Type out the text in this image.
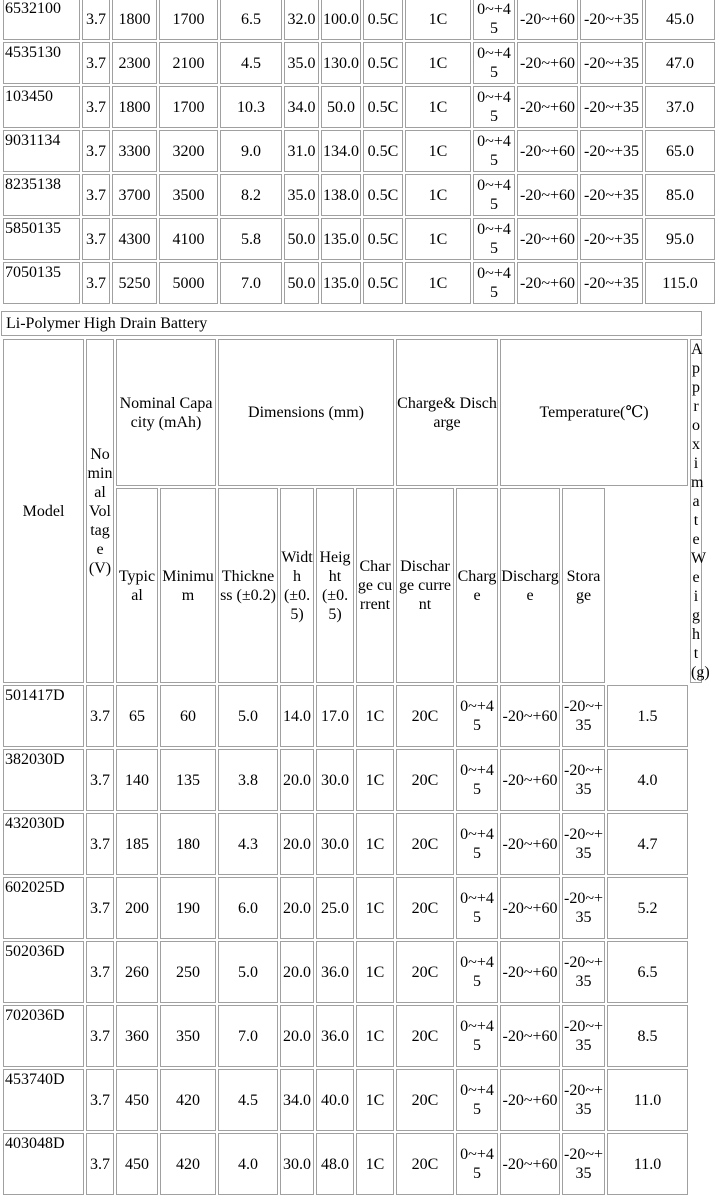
6532100	3.7	1800	1700	6.5	32.0	100.0	0.5C	1C	0~+45	-20~+60	-20~+35	45.0
4535130	3.7	2300	2100	4.5	35.0	130.0	0.5C	1C	0~+45	-20~+60	-20~+35	47.0
103450	3.7	1800	1700	10.3	34.0	50.0	0.5C	1C	0~+45	-20~+60	-20~+35	37.0
9031134	3.7	3300	3200	9.0	31.0	134.0	0.5C	1C	0~+45	-20~+60	-20~+35	65.0
8235138	3.7	3700	3500	8.2	35.0	138.0	0.5C	1C	0~+45	-20~+60	-20~+35	85.0
5850135	3.7	4300	4100	5.8	50.0	135.0	0.5C	1C	0~+45	-20~+60	-20~+35	95.0
7050135	3.7	5250	5000	7.0	50.0	135.0	0.5C	1C	0~+45	-20~+60	-20~+35	115.0
Li-Polymer High Drain Battery
Model	Nominal Voltage (V)	Nominal Capacity (mAh)		Dimensions (mm)				Charge& Discharge		Temperature(℃)			Approximate Weight(g)
		Typical	Minimum	Thickness (±0.2)	Width (±0.5)	Height (±0.5)	Charge current	Discharge current	Charge	Discharge	Storage		
501417D	3.7	65	60	5.0	14.0	17.0	1C	20C	0~+45	-20~+60	-20~+35	1.5	
382030D	3.7	140	135	3.8	20.0	30.0	1C	20C	0~+45	-20~+60	-20~+35	4.0	
432030D	3.7	185	180	4.3	20.0	30.0	1C	20C	0~+45	-20~+60	-20~+35	4.7	
602025D	3.7	200	190	6.0	20.0	25.0	1C	20C	0~+45	-20~+60	-20~+35	5.2	
502036D	3.7	260	250	5.0	20.0	36.0	1C	20C	0~+45	-20~+60	-20~+35	6.5	
702036D	3.7	360	350	7.0	20.0	36.0	1C	20C	0~+45	-20~+60	-20~+35	8.5	
453740D	3.7	450	420	4.5	34.0	40.0	1C	20C	0~+45	-20~+60	-20~+35	11.0	
403048D	3.7	450	420	4.0	30.0	48.0	1C	20C	0~+45	-20~+60	-20~+35	11.0	
